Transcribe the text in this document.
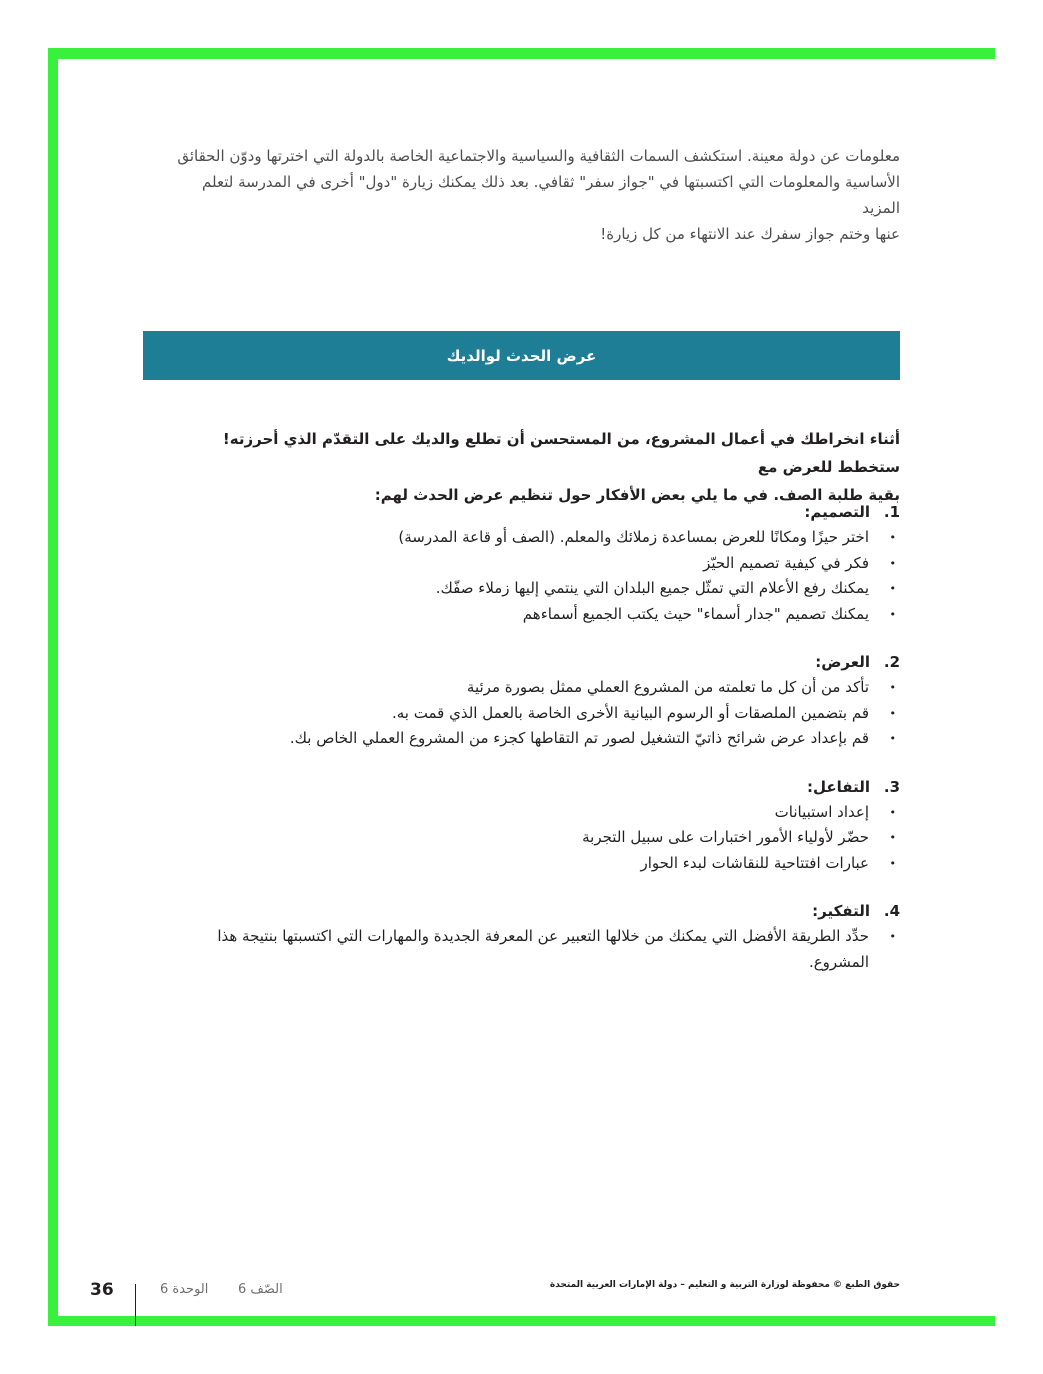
معلومات عن دولة معينة. استكشف السمات الثقافية والسياسية والاجتماعية الخاصة بالدولة التي اخترتها ودوّن الحقائق

الأساسية والمعلومات التي اكتسبتها في "جواز سفر" ثقافي. بعد ذلك يمكنك زيارة "دول" أخرى في المدرسة لتعلم المزيد

عنها وختم جواز سفرك عند الانتهاء من كل زيارة!

عرض الحدث لوالديك

أثناء انخراطك في أعمال المشروع، من المستحسن أن تطلع والديك على التقدّم الذي أحرزته! ستخطط للعرض مع

بقية طلبة الصف. في ما يلي بعض الأفكار حول تنظيم عرض الحدث لهم:

1.
التصميم:
• اختر حيزًا ومكانًا للعرض بمساعدة زملائك والمعلم. (الصف أو قاعة المدرسة)
• فكر في كيفية تصميم الحيّز
• يمكنك رفع الأعلام التي تمثّل جميع البلدان التي ينتمي إليها زملاء صفّك.
• يمكنك تصميم "جدار أسماء" حيث يكتب الجميع أسماءهم
2.
العرض:
• تأكد من أن كل ما تعلمته من المشروع العملي ممثل بصورة مرئية
• قم بتضمين الملصقات أو الرسوم البيانية الأخرى الخاصة بالعمل الذي قمت به.
• قم بإعداد عرض شرائح ذاتيّ التشغيل لصور تم التقاطها كجزء من المشروع العملي الخاص بك.
3.
التفاعل:
• إعداد استبيانات
• حضّر لأولياء الأمور اختبارات على سبيل التجربة
• عبارات افتتاحية للنقاشات لبدء الحوار
4.
التفكير:
• حدِّد الطريقة الأفضل التي يمكنك من خلالها التعبير عن المعرفة الجديدة والمهارات التي اكتسبتها بنتيجة هذا المشروع.
36	الوحدة 6 الصّف 6	حقوق الطبع © محفوظة لوزارة التربية و التعليم – دولة الإمارات العربية المتحدة
